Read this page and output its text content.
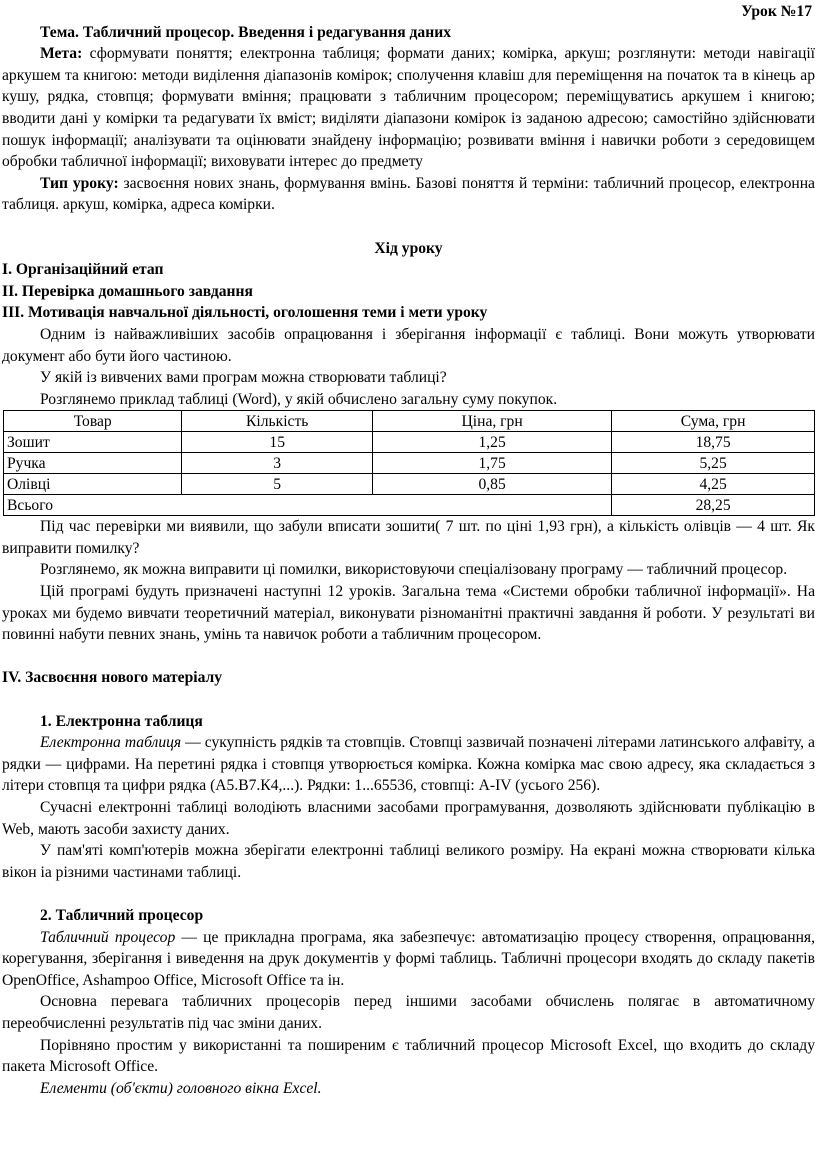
Урок №17

Тема. Табличний процесор. Введення і редагування даних

Мета: сформувати поняття; електронна таблиця; формати даних; комірка, аркуш; розглянути: методи навігації аркушем та книгою: методи виділення діапазонів комірок; сполучення клавіш для переміщення на початок та в кінець ар кушу, рядка, стовпця; формувати вміння; працювати з табличним процесором; переміщуватись аркушем і книгою; вводити дані у комірки та редагувати їх вміст; виділяти діапазони комірок із заданою адресою; самостійно здійснювати пошук інформації; аналізувати та оцінювати знайдену інформацію; розвивати вміння і навички роботи з середовищем обробки табличної інформації; виховувати інтерес до предмету

Тип уроку: засвоєння нових знань, формування вмінь. Базові поняття й терміни: табличний процесор, електронна таблиця. аркуш, комірка, адреса комірки.

Хід уроку

I. Організаційний етап

II. Перевірка домашнього завдання

III. Мотивація навчальної діяльності, оголошення теми і мети уроку

Одним із найважливіших засобів опрацювання і зберігання інформації є таблиці. Вони можуть утворювати документ або бути його частиною.

У якій із вивчених вами програм можна створювати таблиці?

Розглянемо приклад таблиці (Word), у якій обчислено загальну суму покупок.

Товар	Кількість	Ціна, грн	Сума, грн
Зошит	15	1,25	18,75
Ручка	3	1,75	5,25
Олівці	5	0,85	4,25
Всього			28,25

Під час перевірки ми виявили, що забули вписати зошити( 7 шт. по ціні 1,93 грн), а кількість олівців — 4 шт. Як виправити помилку?

Розглянемо, як можна виправити ці помилки, використовуючи спеціалізовану програму — табличний процесор.

Цій програмі будуть призначені наступні 12 уроків. Загальна тема «Системи обробки табличної інформації». На уроках ми будемо вивчати теоретичний матеріал, виконувати різноманітні практичні завдання й роботи. У результаті ви повинні набути певних знань, умінь та навичок роботи а табличним процесором.

IV. Засвоєння нового матеріалу

1. Електронна таблиця

Електронна таблиця — сукупність рядків та стовпців. Стовпці зазвичай позначені літерами латинського алфавіту, а рядки — цифрами. На перетині рядка і стовпця утворюється комірка. Кожна комірка мас свою адресу, яка складається з літери стовпця та цифри рядка (А5.В7.К4,...). Рядки: 1...65536, стовпці: A-IV (усього 256).

Сучасні електронні таблиці володіють власними засобами програмування, дозволяють здійснювати публікацію в Web, мають засоби захисту даних.

У пам'яті комп'ютерів можна зберігати електронні таблиці великого розміру. На екрані можна створювати кілька вікон іа різними частинами таблиці.

2. Табличний процесор

Табличний процесор — це прикладна програма, яка забезпечує: автоматизацію процесу створення, опрацювання, корегування, зберігання і виведення на друк документів у формі таблиць. Табличні процесори входять до складу пакетів OpenOffice, Ashampoo Office, Microsoft Office та ін.

Основна перевага табличних процесорів перед іншими засобами обчислень полягає в автоматичному переобчисленні результатів під час зміни даних.

Порівняно простим у використанні та поширеним є табличний процесор Microsoft Excel, що входить до складу пакета Microsoft Office.

Елементи (об'єкти) головного вікна Excel.
